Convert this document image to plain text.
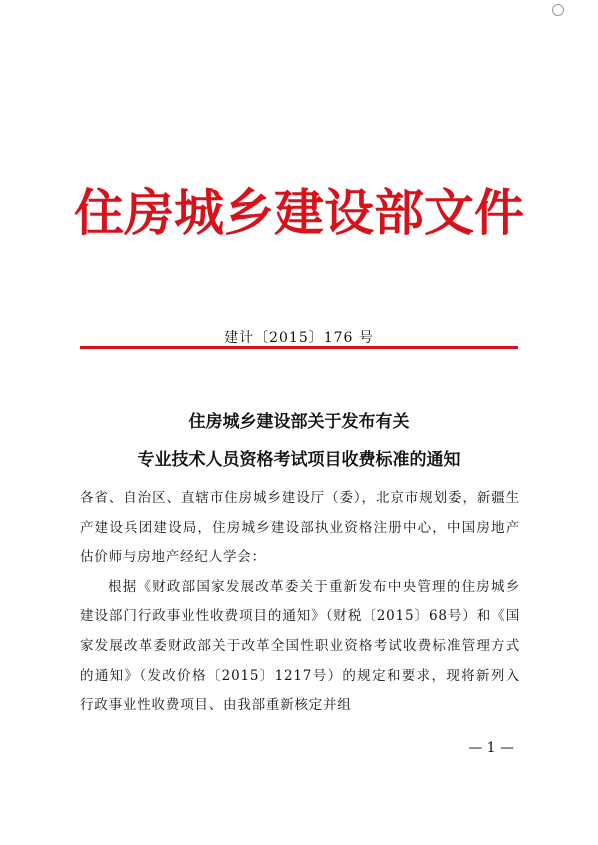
住房城乡建设部文件
建计〔2015〕176 号
住房城乡建设部关于发布有关
专业技术人员资格考试项目收费标准的通知

各省、自治区、直辖市住房城乡建设厅（委），北京市规划委，新疆生产建设兵团建设局，住房城乡建设部执业资格注册中心，中国房地产估价师与房地产经纪人学会：

根据《财政部国家发展改革委关于重新发布中央管理的住房城乡建设部门行政事业性收费项目的通知》（财税〔2015〕68号）和《国家发展改革委财政部关于改革全国性职业资格考试收费标准管理方式的通知》（发改价格〔2015〕1217号）的规定和要求，现将新列入行政事业性收费项目、由我部重新核定并组

— 1 —
